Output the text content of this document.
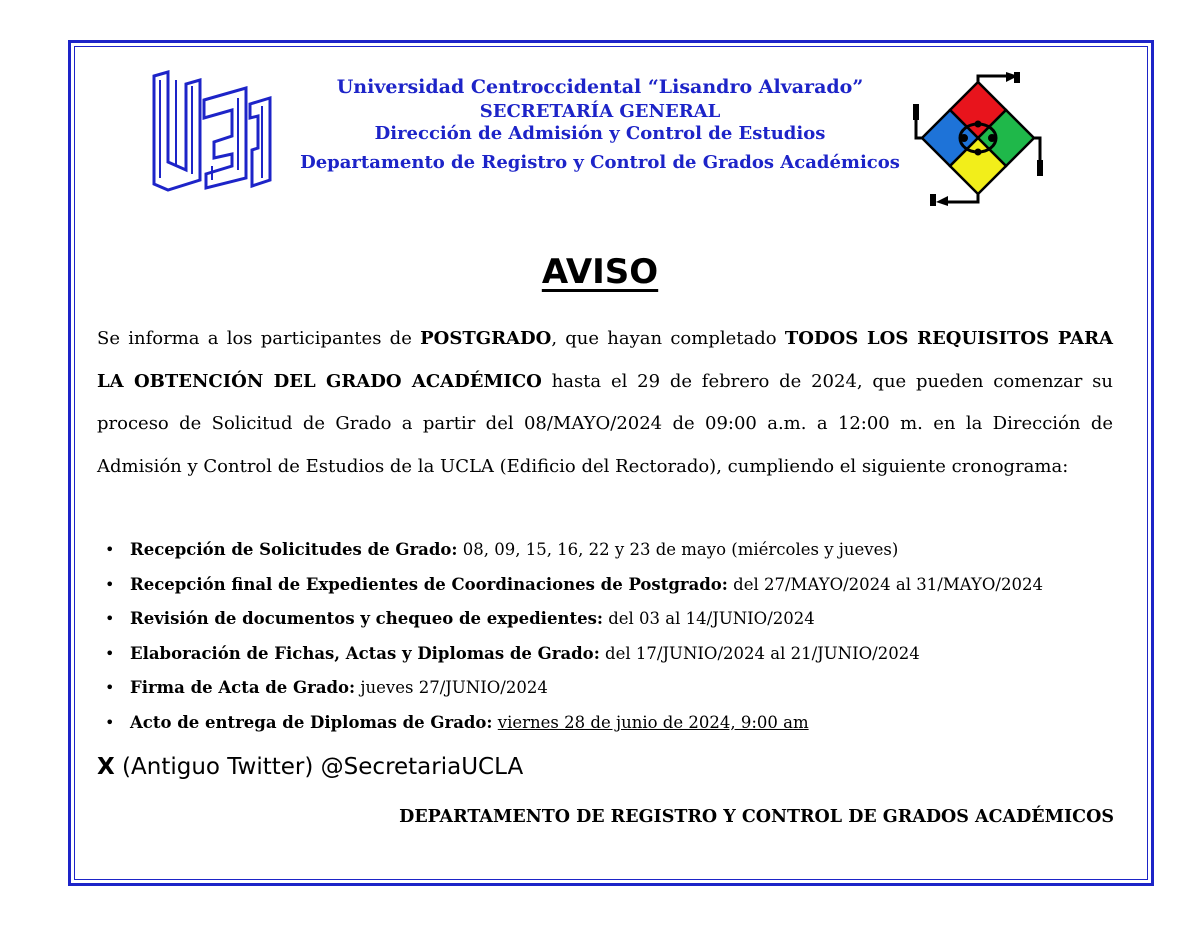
Universidad Centroccidental “Lisandro Alvarado”
SECRETARÍA GENERAL
Dirección de Admisión y Control de Estudios
Departamento de Registro y Control de Grados Académicos
AVISO

Se informa a los participantes de POSTGRADO, que hayan completado TODOS LOS REQUISITOS PARA LA OBTENCIÓN DEL GRADO ACADÉMICO hasta el 29 de febrero de 2024, que pueden comenzar su proceso de Solicitud de Grado a partir del 08/MAYO/2024 de 09:00 a.m. a 12:00 m. en la Dirección de Admisión y Control de Estudios de la UCLA (Edificio del Rectorado), cumpliendo el siguiente cronograma:

• Recepción de Solicitudes de Grado: 08, 09, 15, 16, 22 y 23 de mayo (miércoles y jueves)
• Recepción final de Expedientes de Coordinaciones de Postgrado: del 27/MAYO/2024 al 31/MAYO/2024
• Revisión de documentos y chequeo de expedientes: del 03 al 14/JUNIO/2024
• Elaboración de Fichas, Actas y Diplomas de Grado: del 17/JUNIO/2024 al 21/JUNIO/2024
• Firma de Acta de Grado: jueves 27/JUNIO/2024
• Acto de entrega de Diplomas de Grado: viernes 28 de junio de 2024, 9:00 am
X (Antiguo Twitter) @SecretariaUCLA
DEPARTAMENTO DE REGISTRO Y CONTROL DE GRADOS ACADÉMICOS
